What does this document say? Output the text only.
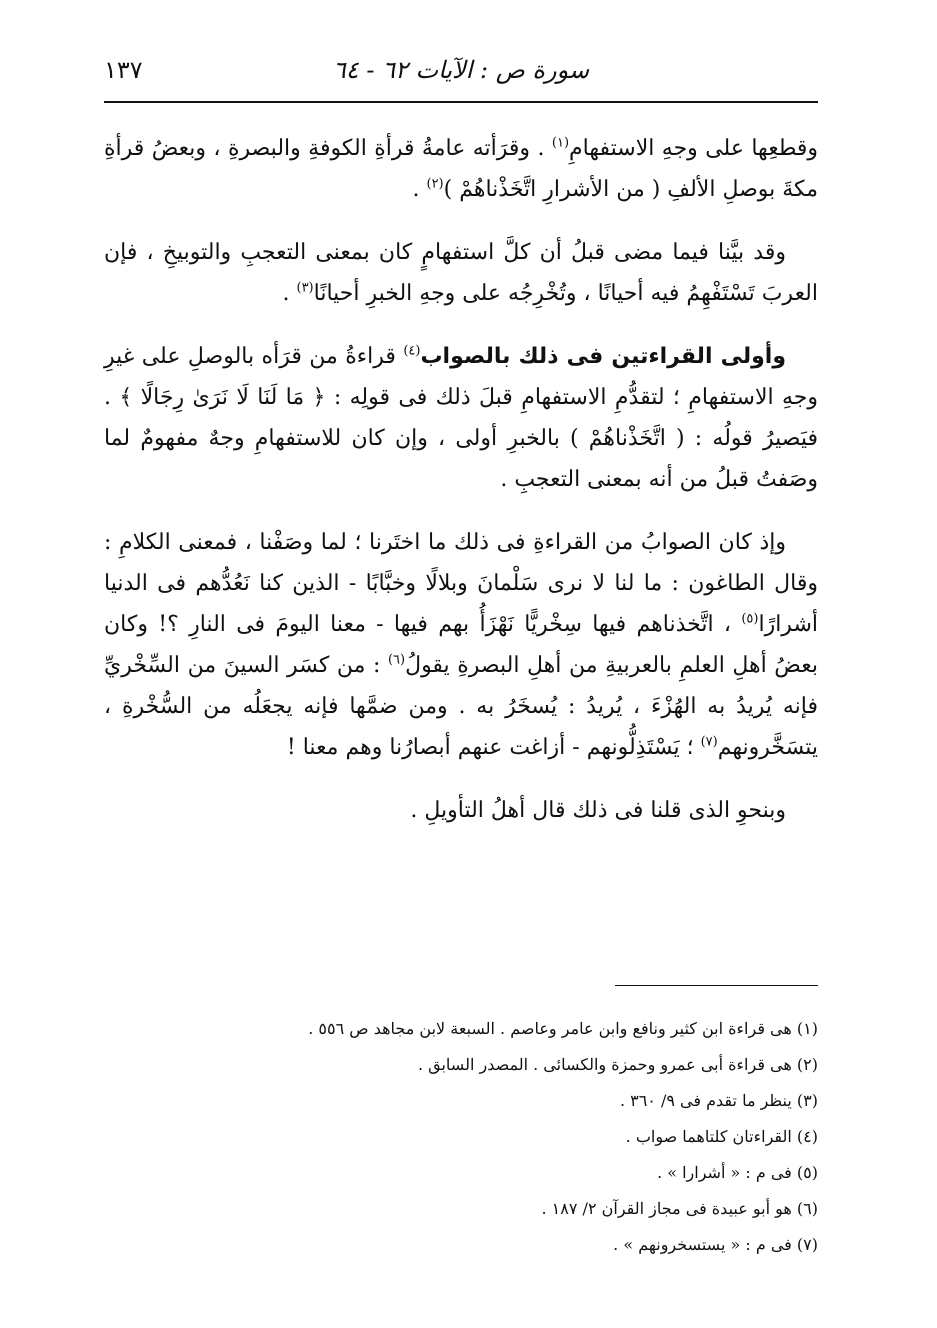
سورة ص : الآيات ٦٢ - ٦٤
١٣٧

وقطعِها على وجهِ الاستفهامِ$^{(١)}$ . وقرَأته عامةُ قرأةِ الكوفةِ والبصرةِ ، وبعضُ قرأةِ مكةَ بوصلِ الألفِ ( من الأشرارِ اتَّخَذْناهُمْ )$^{(٢)}$ .

وقد بيَّنا فيما مضى قبلُ أن كلَّ استفهامٍ كان بمعنى التعجبِ والتوبيخِ ، فإن العربَ تَسْتَفْهِمُ فيه أحيانًا ، وتُخْرِجُه على وجهِ الخبرِ أحيانًا$^{(٣)}$ .

وأولى القراءتين فى ذلك بالصواب$^{(٤)}$ قراءةُ من قرَأه بالوصلِ على غيرِ وجهِ الاستفهامِ ؛ لتقدُّمِ الاستفهامِ قبلَ ذلك فى قولِه : ﴿ مَا لَنَا لَا نَرَىٰ رِجَالًا ﴾ . فيَصيرُ قولُه : ( اتَّخَذْناهُمْ ) بالخبرِ أولى ، وإن كان للاستفهامِ وجهٌ مفهومٌ لما وصَفتُ قبلُ من أنه بمعنى التعجبِ .

وإذ كان الصوابُ من القراءةِ فى ذلك ما اختَرنا ؛ لما وصَفْنا ، فمعنى الكلامِ : وقال الطاغون : ما لنا لا نرى سَلْمانَ وبلالًا وخبَّابًا - الذين كنا نَعُدُّهم فى الدنيا أشرارًا$^{(٥)}$ ، اتَّخذناهم فيها سِخْريًّا نَهْزَأُ بهم فيها - معنا اليومَ فى النارِ ؟! وكان بعضُ أهلِ العلمِ بالعربيةِ من أهلِ البصرةِ يقولُ$^{(٦)}$ : من كسَر السينَ من السِّخْريِّ فإنه يُريدُ به الهُزْءَ ، يُريدُ : يُسخَرُ به . ومن ضمَّها فإنه يجعَلُه من السُّخْرةِ ، يتسَخَّرونهم$^{(٧)}$ ؛ يَسْتَذِلُّونهم - أزاغت عنهم أبصارُنا وهم معنا !

وبنحوِ الذى قلنا فى ذلك قال أهلُ التأويلِ .

(١) هى قراءة ابن كثير ونافع وابن عامر وعاصم . السبعة لابن مجاهد ص ٥٥٦ .
(٢) هى قراءة أبى عمرو وحمزة والكسائى . المصدر السابق .
(٣) ينظر ما تقدم فى ٩/ ٣٦٠ .
(٤) القراءتان كلتاهما صواب .
(٥) فى م : « أشرارا » .
(٦) هو أبو عبيدة فى مجاز القرآن ٢/ ١٨٧ .
(٧) فى م : « يستسخرونهم » .
